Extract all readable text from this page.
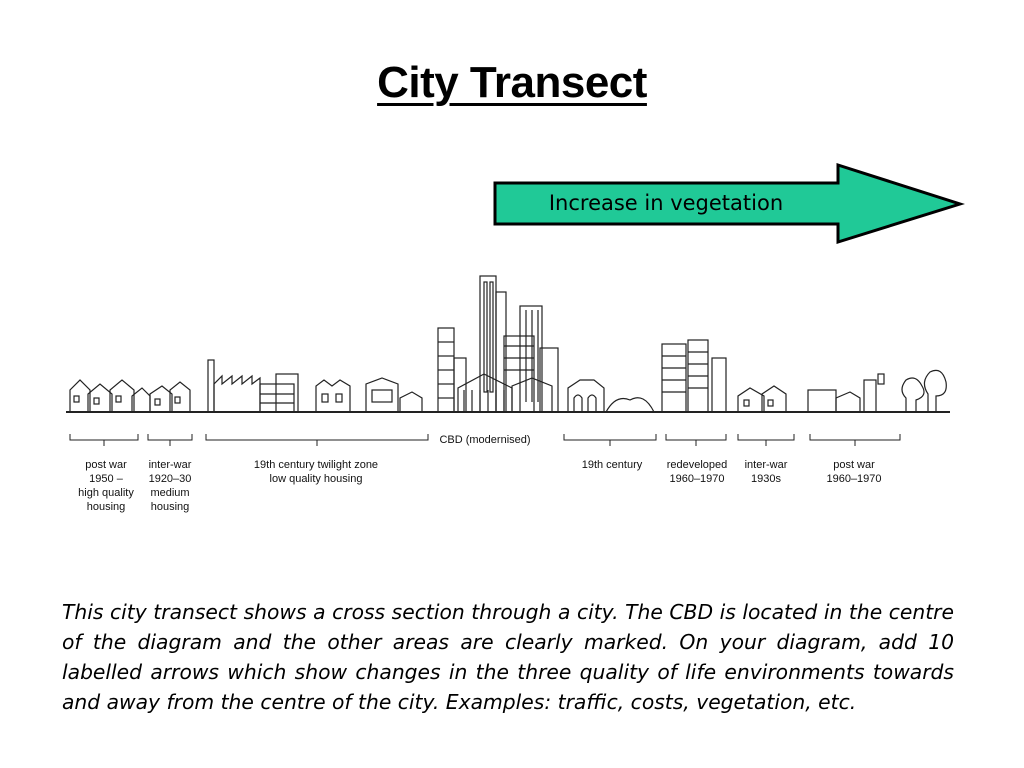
City Transect
Increase in vegetation
post war
1950 –
high quality
housing
inter-war
1920–30
medium
housing
19th century twilight zone
low quality housing
CBD (modernised)
19th century	redeveloped
1960–1970
inter-war
1930s
post war
1960–1970
This city transect shows a cross section through a city. The CBD is located in the centre of the diagram and the other areas are clearly marked. On your diagram, add 10 labelled arrows which show changes in the three quality of life environments towards and away from the centre of the city. Examples: traffic, costs, vegetation, etc.
